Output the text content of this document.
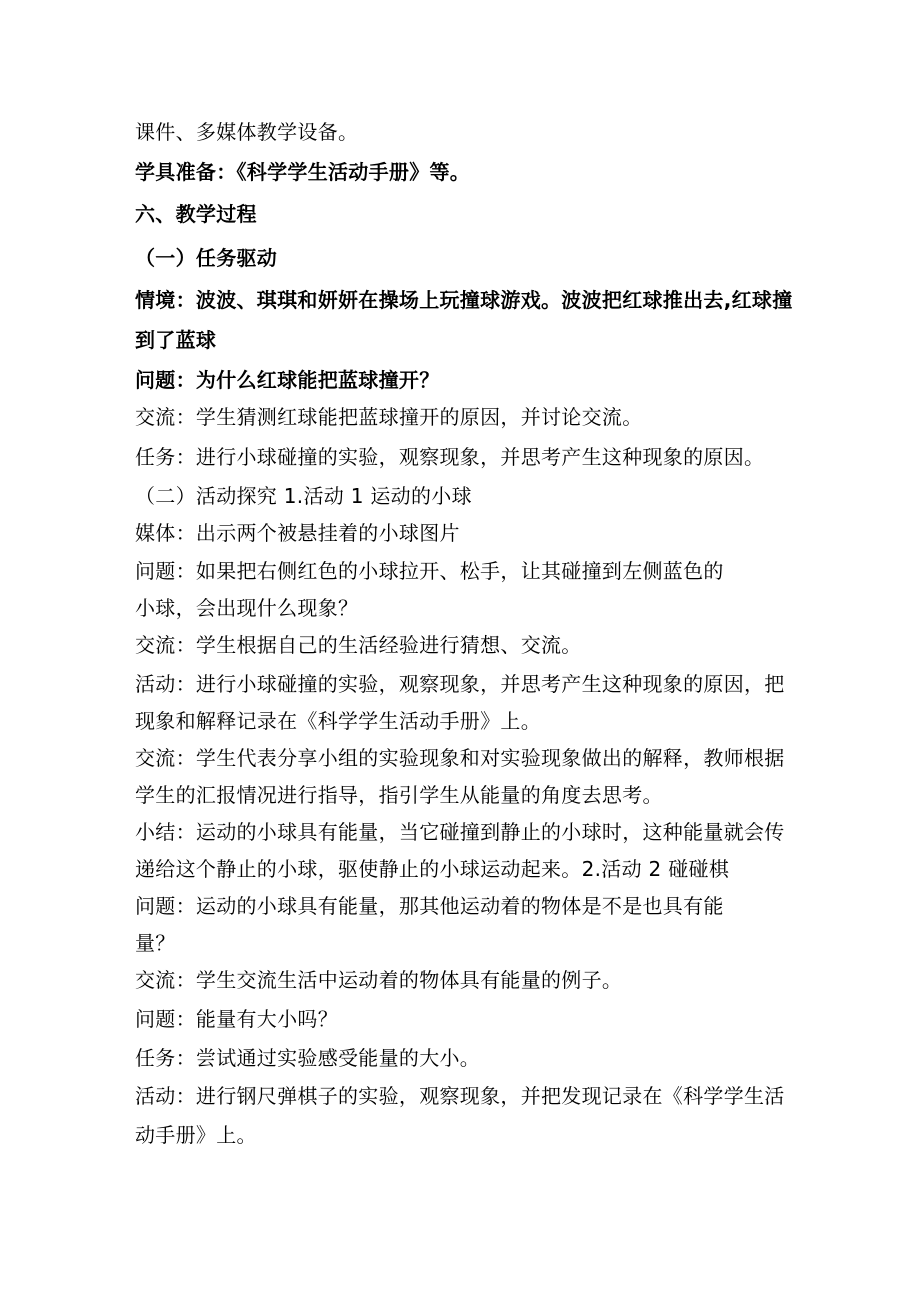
课件、多媒体教学设备。
学具准备：《科学学生活动手册》等。
六、教学过程
（一）任务驱动
情境：波波、琪琪和妍妍在操场上玩撞球游戏。波波把红球推出去,红球撞
到了蓝球
问题：为什么红球能把蓝球撞开？
交流：学生猜测红球能把蓝球撞开的原因，并讨论交流。
任务：进行小球碰撞的实验，观察现象，并思考产生这种现象的原因。
（二）活动探究 1.活动 1 运动的小球
媒体：出示两个被悬挂着的小球图片
问题：如果把右侧红色的小球拉开、松手，让其碰撞到左侧蓝色的
小球，会出现什么现象？
交流：学生根据自己的生活经验进行猜想、交流。
活动：进行小球碰撞的实验，观察现象，并思考产生这种现象的原因，把
现象和解释记录在《科学学生活动手册》上。
交流：学生代表分享小组的实验现象和对实验现象做出的解释，教师根据
学生的汇报情况进行指导，指引学生从能量的角度去思考。
小结：运动的小球具有能量，当它碰撞到静止的小球时，这种能量就会传
递给这个静止的小球，驱使静止的小球运动起来。2.活动 2 碰碰棋
问题：运动的小球具有能量，那其他运动着的物体是不是也具有能
量？
交流：学生交流生活中运动着的物体具有能量的例子。
问题：能量有大小吗？
任务：尝试通过实验感受能量的大小。
活动：进行钢尺弹棋子的实验，观察现象，并把发现记录在《科学学生活
动手册》上。
